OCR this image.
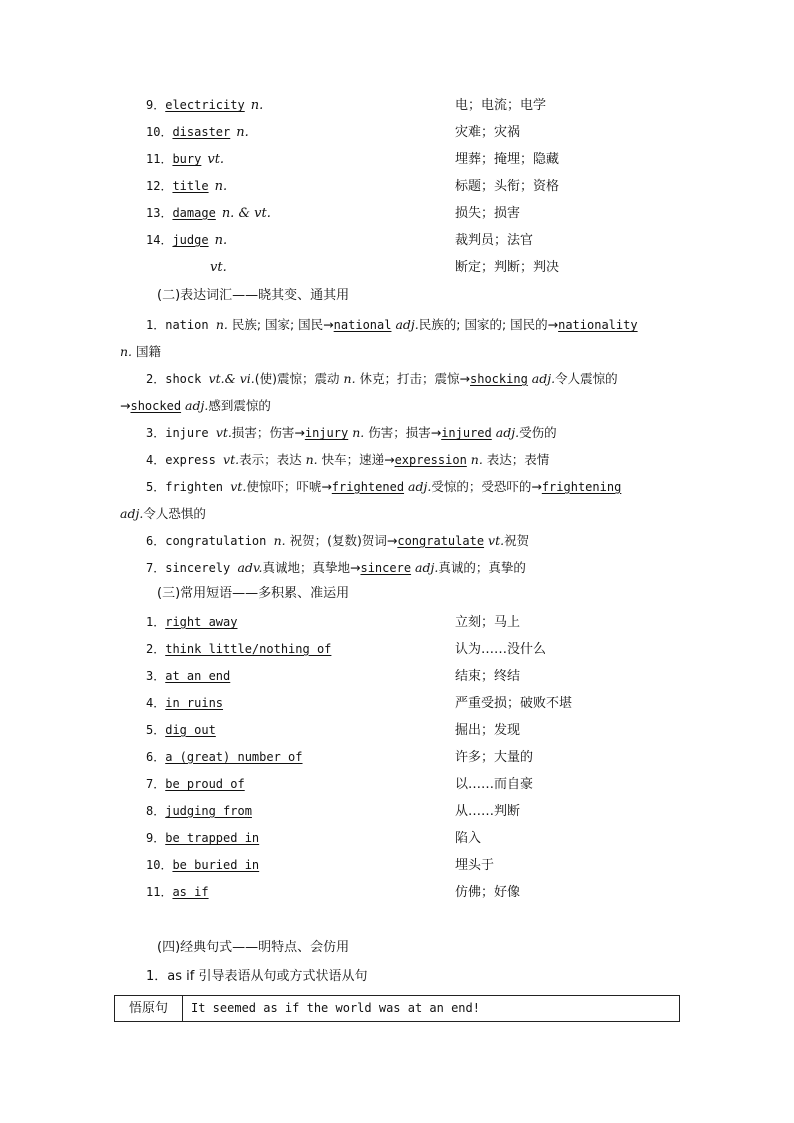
9．electricity n.	电；电流；电学
10．disaster n.	灾难；灾祸
11．bury vt.	埋葬；掩埋；隐藏
12．title n.	标题；头衔；资格
13．damage n. & vt.	损失；损害
14．judge n.	裁判员；法官
vt.	断定；判断；判决
(二)表达词汇——晓其变、通其用
1．nation n. 民族; 国家; 国民→national adj.民族的; 国家的; 国民的→nationality
n. 国籍
2．shock vt.& vi.(使)震惊；震动 n. 休克；打击；震惊→shocking adj.令人震惊的
→shocked adj.感到震惊的
3．injure vt.损害；伤害→injury n. 伤害；损害→injured adj.受伤的
4．express vt.表示；表达 n. 快车；速递→expression n. 表达；表情
5．frighten vt.使惊吓；吓唬→frightened adj.受惊的；受恐吓的→frightening
adj.令人恐惧的
6．congratulation n. 祝贺；(复数)贺词→congratulate vt.祝贺
7．sincerely adv.真诚地；真挚地→sincere adj.真诚的；真挚的
(三)常用短语——多积累、准运用
1．right away	立刻；马上
2．think little/nothing of	认为……没什么
3．at an end	结束；终结
4．in ruins	严重受损；破败不堪
5．dig out	掘出；发现
6．a (great) number of	许多；大量的
7．be proud of	以……而自豪
8．judging from	从……判断
9．be trapped in	陷入
10．be buried in	埋头于
11．as if	仿佛；好像
(四)经典句式——明特点、会仿用
1．as if 引导表语从句或方式状语从句
悟原句	It seemed as if the world was at an end!
